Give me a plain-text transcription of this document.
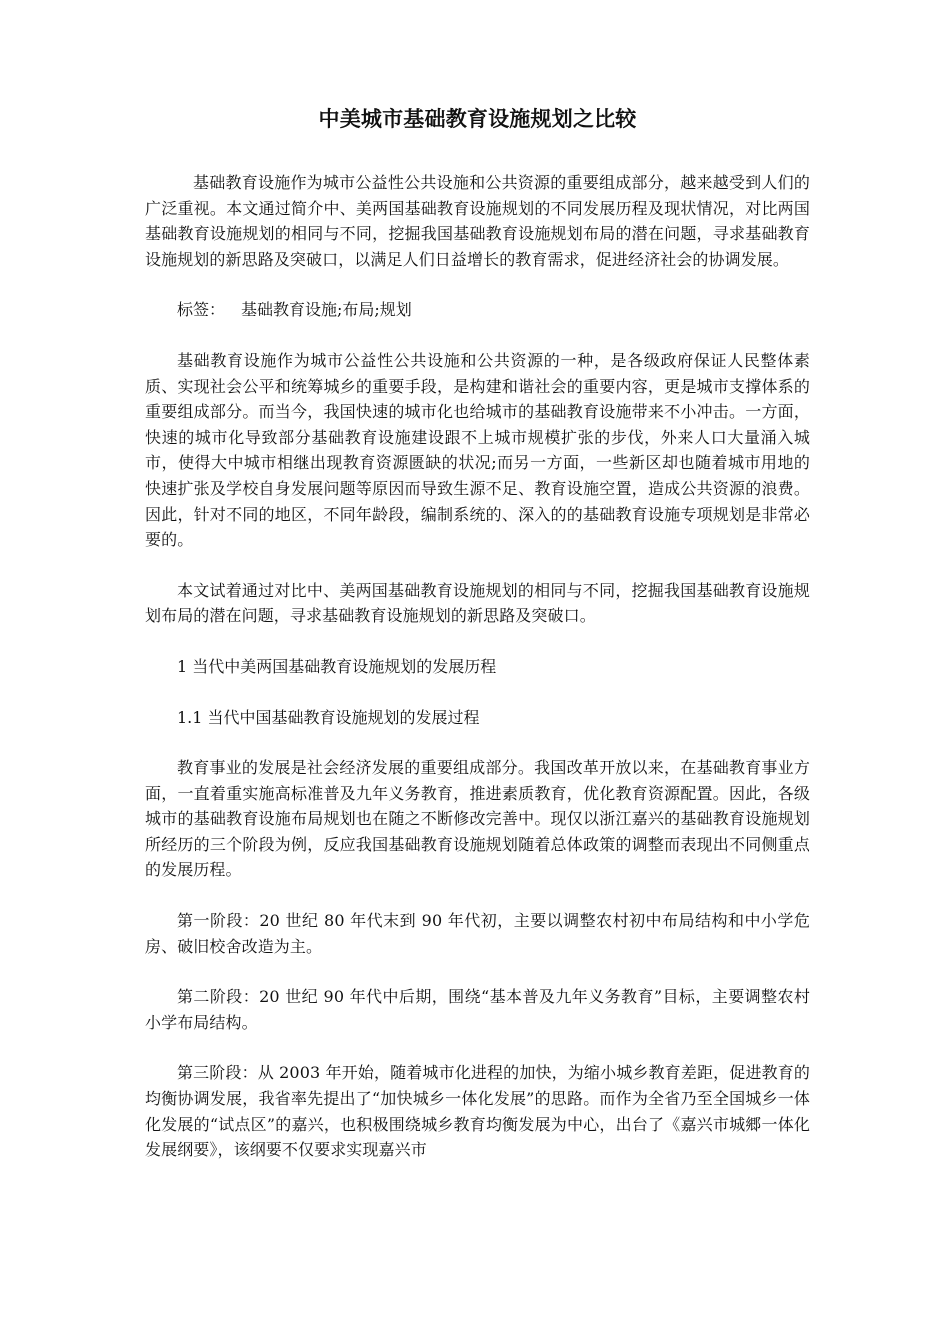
中美城市基础教育设施规划之比较

基础教育设施作为城市公益性公共设施和公共资源的重要组成部分，越来越受到人们的广泛重视。本文通过简介中、美两国基础教育设施规划的不同发展历程及现状情况，对比两国基础教育设施规划的相同与不同，挖掘我国基础教育设施规划布局的潜在问题，寻求基础教育设施规划的新思路及突破口，以满足人们日益增长的教育需求，促进经济社会的协调发展。

标签： 基础教育设施;布局;规划

基础教育设施作为城市公益性公共设施和公共资源的一种，是各级政府保证人民整体素质、实现社会公平和统筹城乡的重要手段，是构建和谐社会的重要内容，更是城市支撑体系的重要组成部分。而当今，我国快速的城市化也给城市的基础教育设施带来不小冲击。一方面，快速的城市化导致部分基础教育设施建设跟不上城市规模扩张的步伐，外来人口大量涌入城市，使得大中城市相继出现教育资源匮缺的状况;而另一方面，一些新区却也随着城市用地的快速扩张及学校自身发展问题等原因而导致生源不足、教育设施空置，造成公共资源的浪费。因此，针对不同的地区，不同年龄段，编制系统的、深入的的基础教育设施专项规划是非常必要的。

本文试着通过对比中、美两国基础教育设施规划的相同与不同，挖掘我国基础教育设施规划布局的潜在问题，寻求基础教育设施规划的新思路及突破口。

1 当代中美两国基础教育设施规划的发展历程
1.1 当代中国基础教育设施规划的发展过程

教育事业的发展是社会经济发展的重要组成部分。我国改革开放以来，在基础教育事业方面，一直着重实施高标准普及九年义务教育，推进素质教育，优化教育资源配置。因此，各级城市的基础教育设施布局规划也在随之不断修改完善中。现仅以浙江嘉兴的基础教育设施规划所经历的三个阶段为例，反应我国基础教育设施规划随着总体政策的调整而表现出不同侧重点的发展历程。

第一阶段：20 世纪 80 年代末到 90 年代初，主要以调整农村初中布局结构和中小学危房、破旧校舍改造为主。

第二阶段：20 世纪 90 年代中后期，围绕“基本普及九年义务教育”目标，主要调整农村小学布局结构。

第三阶段：从 2003 年开始，随着城市化进程的加快，为缩小城乡教育差距，促进教育的均衡协调发展，我省率先提出了“加快城乡一体化发展”的思路。而作为全省乃至全国城乡一体化发展的“试点区”的嘉兴，也积极围绕城乡教育均衡发展为中心，出台了《嘉兴市城郷一体化发展纲要》，该纲要不仅要求实现嘉兴市
